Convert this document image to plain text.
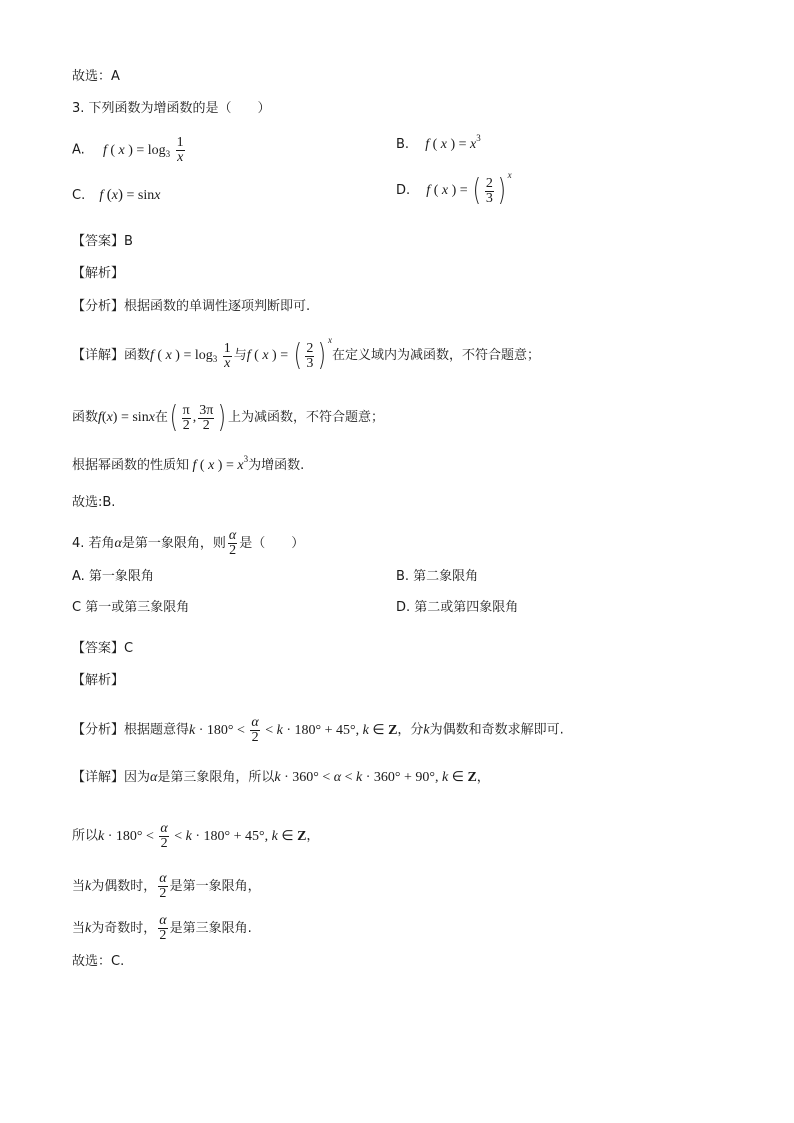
故选：A
3. 下列函数为增函数的是（　　）
A. f ( x ) = $\log_3 \frac{1}{x}$	B. f ( x ) = $x^3$
C. f (x) = sinx	D. f ( x ) = ( $\frac{2}{3}$ ) $^x$
【答案】B
【解析】
【分析】根据函数的单调性逐项判断即可.
【详解】函数f ( x ) = $\log_3 \frac{1}{x}$ 与f ( x ) = ( $\frac{2}{3}$ ) $^x$在定义域内为减函数，不符合题意；
函数f(x) = sinx在( $\frac{\pi}{2}$ , $\frac{3\pi}{2}$ ) 上为减函数，不符合题意；
根据幂函数的性质知 f ( x ) = $x^3$为增函数.
故选:B.
4. 若角α是第一象限角，则 $\frac{\alpha}{2}$ 是（　　）
A. 第一象限角	B. 第二象限角
C 第一或第三象限角	D. 第二或第四象限角
【答案】C
【解析】
【分析】根据题意得$k \cdot 180^\circ < \frac{\alpha}{2} < k \cdot 180^\circ + 45^\circ$, k ∈ Z，分k为偶数和奇数求解即可.
【详解】因为α是第三象限角，所以k · 360° < α < k · 360° + 90°, k ∈ Z，
所以$k \cdot 180^\circ < \frac{\alpha}{2} < k \cdot 180^\circ + 45^\circ$, k ∈ Z，
当k为偶数时， $\frac{\alpha}{2}$ 是第一象限角，
当k为奇数时， $\frac{\alpha}{2}$ 是第三象限角.
故选：C.
